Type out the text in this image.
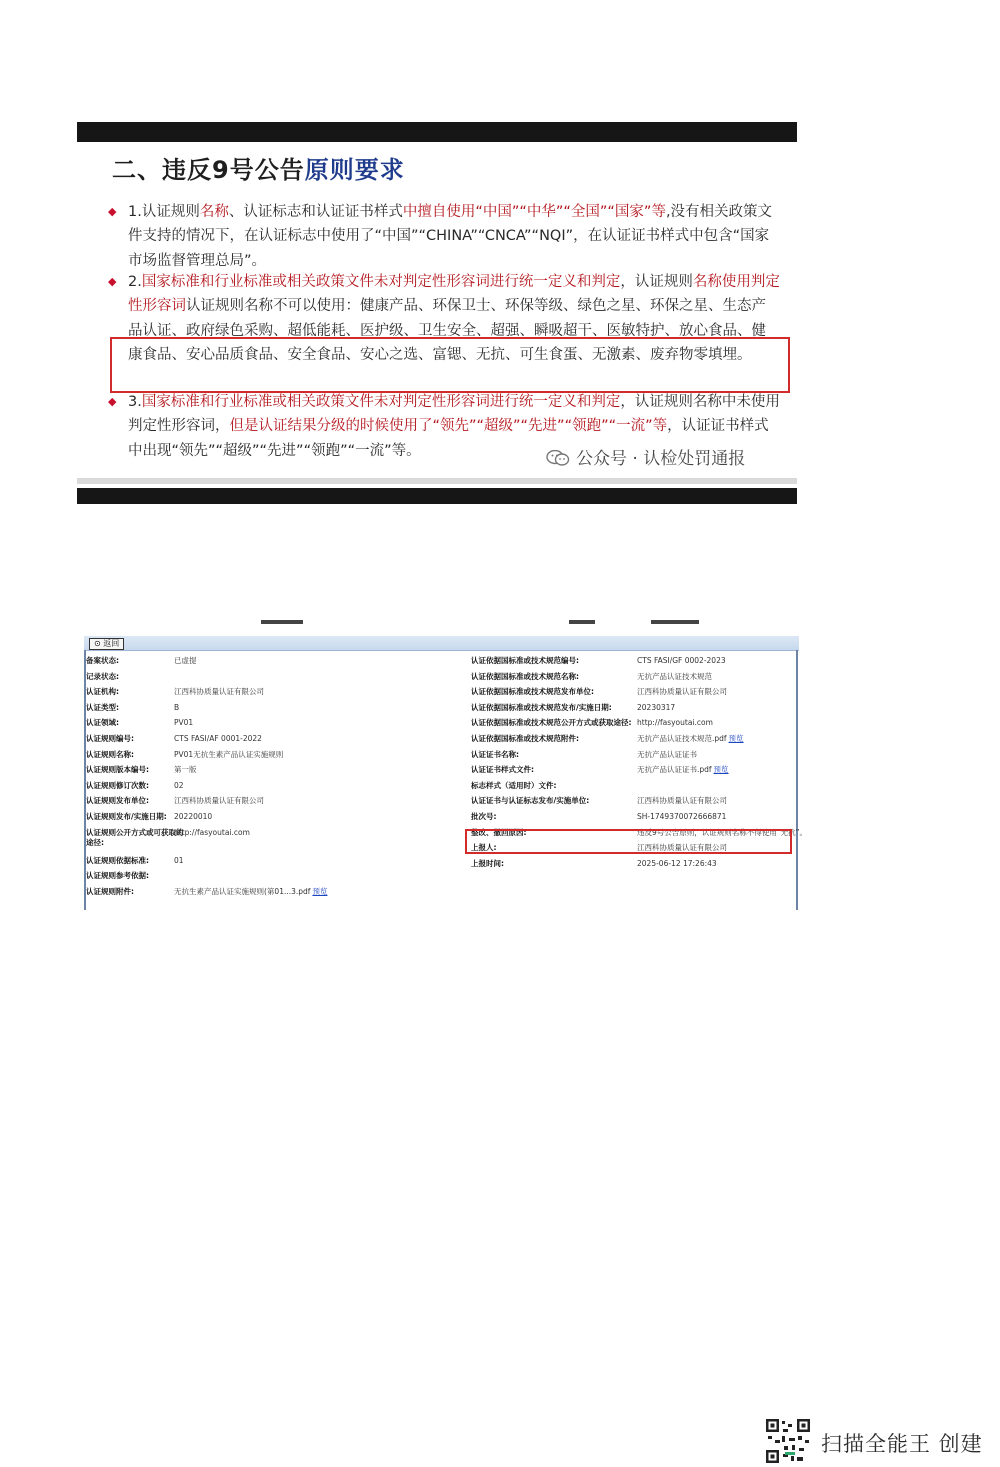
二、违反9号公告原则要求
◆ 1.认证规则名称、认证标志和认证证书样式中擅自使用“中国”“中华”“全国”“国家”等,没有相关政策文件支持的情况下，在认证标志中使用了“中国”“CHINA”“CNCA”“NQI”，在认证证书样式中包含“国家市场监督管理总局”。
◆ 2.国家标准和行业标准或相关政策文件未对判定性形容词进行统一定义和判定，认证规则名称使用判定性形容词认证规则名称不可以使用：健康产品、环保卫士、环保等级、绿色之星、环保之星、生态产品认证、政府绿色采购、超低能耗、医护级、卫生安全、超强、瞬吸超干、医敏特护、放心食品、健康食品、安心品质食品、安全食品、安心之选、富锶、无抗、可生食蛋、无激素、废弃物零填埋。
◆ 3.国家标准和行业标准或相关政策文件未对判定性形容词进行统一定义和判定，认证规则名称中未使用判定性形容词，但是认证结果分级的时候使用了“领先”“超级”“先进”“领跑”“一流”等，认证证书样式中出现“领先”“超级”“先进”“领跑”“一流”等。	公众号 · 认检处罚通报
⊙ 返回
备案状态:	已虚提
记录状态:
认证机构:	江西科协质量认证有限公司
认证类型:	B
认证领域:	PV01
认证规则编号:	CTS FASI/AF 0001-2022
认证规则名称:	PV01无抗生素产品认证实施规则
认证规则版本编号:	第一版
认证规则修订次数:	02
认证规则发布单位:	江西科协质量认证有限公司
认证规则发布/实施日期: 20220010
认证规则公开方式或可获取的
途径:
http://fasyoutai.com
认证规则依据标准:	01
认证规则参考依据:
认证规则附件:	无抗生素产品认证实施规则(第01...3.pdf 预览
认证依据国标准或技术规范编号:	CTS FASI/GF 0002-2023
认证依据国标准或技术规范名称:	无抗产品认证技术规范
认证依据国标准或技术规范发布单位:	江西科协质量认证有限公司
认证依据国标准或技术规范发布/实施日期:	20230317
认证依据国标准或技术规范公开方式或获取途径: http://fasyoutai.com
认证依据国标准或技术规范附件:	无抗产品认证技术规范.pdf 预览
认证证书名称:	无抗产品认证证书
认证证书样式文件:	无抗产品认证证书.pdf 预览
标志样式（适用时）文件:
认证证书与认证标志发布/实施单位:	江西科协质量认证有限公司
批次号:	SH-1749370072666871
整改、撤回原因:	违反9号公告原则，认证规则名称不得使用“无抗”。
上报人:	江西科协质量认证有限公司
上报时间:	2025-06-12 17:26:43
扫描全能王 创建
